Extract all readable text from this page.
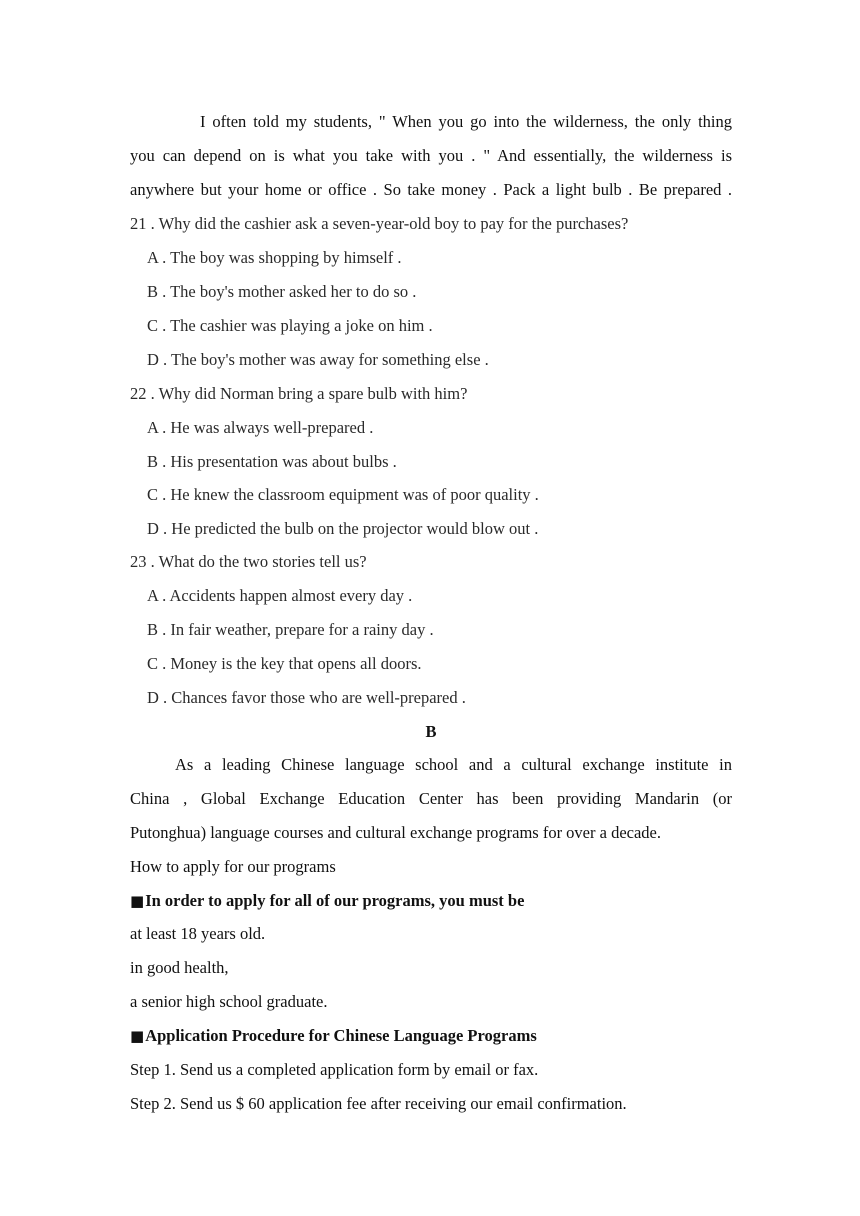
I often told my students, " When you go into the wilderness, the only thing
you can depend on is what you take with you . " And essentially, the wilderness is
anywhere but your home or office . So take money . Pack a light bulb . Be prepared .
21 . Why did the cashier ask a seven-year-old boy to pay for the purchases?
A . The boy was shopping by himself .
B . The boy's mother asked her to do so .
C . The cashier was playing a joke on him .
D . The boy's mother was away for something else .
22 . Why did Norman bring a spare bulb with him?
A . He was always well-prepared .
B . His presentation was about bulbs .
C . He knew the classroom equipment was of poor quality .
D . He predicted the bulb on the projector would blow out .
23 . What do the two stories tell us?
A . Accidents happen almost every day .
B . In fair weather, prepare for a rainy day .
C . Money is the key that opens all doors.
D . Chances favor those who are well-prepared .
B
As a leading Chinese language school and a cultural exchange institute in
China , Global Exchange Education Center has been providing Mandarin (or
Putonghua) language courses and cultural exchange programs for over a decade.
How to apply for our programs
■In order to apply for all of our programs, you must be
at least 18 years old.
in good health,
a senior high school graduate.
■Application Procedure for Chinese Language Programs
Step 1. Send us a completed application form by email or fax.
Step 2. Send us $ 60 application fee after receiving our email confirmation.
